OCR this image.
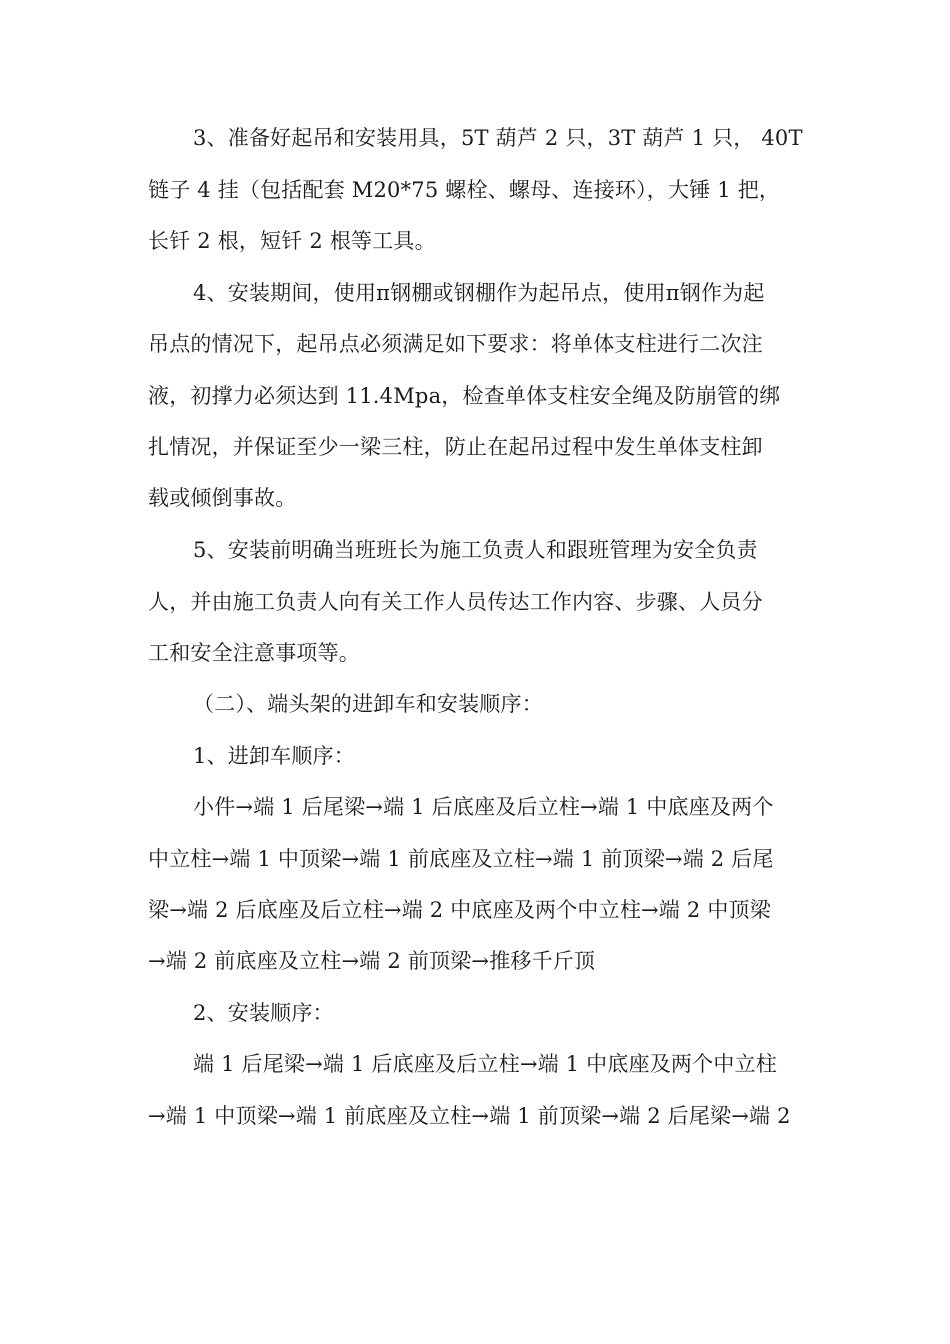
3、准备好起吊和安装用具，5T 葫芦 2 只，3T 葫芦 1 只， 40T
链子 4 挂（包括配套 M20*75 螺栓、螺母、连接环），大锤 1 把，
长钎 2 根，短钎 2 根等工具。
4、安装期间，使用π钢棚或钢棚作为起吊点，使用π钢作为起
吊点的情况下，起吊点必须满足如下要求：将单体支柱进行二次注
液，初撑力必须达到 11.4Mpa，检查单体支柱安全绳及防崩管的绑
扎情况，并保证至少一梁三柱，防止在起吊过程中发生单体支柱卸
载或倾倒事故。
5、安装前明确当班班长为施工负责人和跟班管理为安全负责
人，并由施工负责人向有关工作人员传达工作内容、步骤、人员分
工和安全注意事项等。
（二）、端头架的进卸车和安装顺序：
1、进卸车顺序：
小件→端 1 后尾梁→端 1 后底座及后立柱→端 1 中底座及两个
中立柱→端 1 中顶梁→端 1 前底座及立柱→端 1 前顶梁→端 2 后尾
梁→端 2 后底座及后立柱→端 2 中底座及两个中立柱→端 2 中顶梁
→端 2 前底座及立柱→端 2 前顶梁→推移千斤顶
2、安装顺序：
端 1 后尾梁→端 1 后底座及后立柱→端 1 中底座及两个中立柱
→端 1 中顶梁→端 1 前底座及立柱→端 1 前顶梁→端 2 后尾梁→端 2
